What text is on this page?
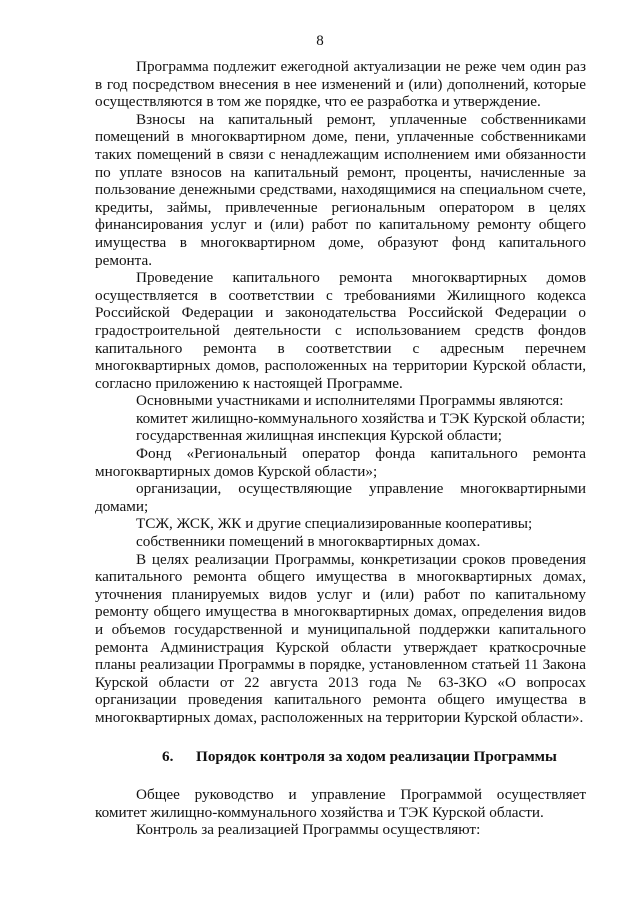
8

Программа подлежит ежегодной актуализации не реже чем один раз в год посредством внесения в нее изменений и (или) дополнений, которые осуществляются в том же порядке, что ее разработка и утверждение.

Взносы на капитальный ремонт, уплаченные собственниками помещений в многоквартирном доме, пени, уплаченные собственниками таких помещений в связи с ненадлежащим исполнением ими обязанности по уплате взносов на капитальный ремонт, проценты, начисленные за пользование денежными средствами, находящимися на специальном счете, кредиты, займы, привлеченные региональным оператором в целях финансирования услуг и (или) работ по капитальному ремонту общего имущества в многоквартирном доме, образуют фонд капитального ремонта.

Проведение капитального ремонта многоквартирных домов осуществляется в соответствии с требованиями Жилищного кодекса Российской Федерации и законодательства Российской Федерации о градостроительной деятельности с использованием средств фондов капитального ремонта в соответствии с адресным перечнем многоквартирных домов, расположенных на территории Курской области, согласно приложению к настоящей Программе.

Основными участниками и исполнителями Программы являются:

комитет жилищно-коммунального хозяйства и ТЭК Курской области;

государственная жилищная инспекция Курской области;

Фонд «Региональный оператор фонда капитального ремонта многоквартирных домов Курской области»;

организации, осуществляющие управление многоквартирными домами;

ТСЖ, ЖСК, ЖК и другие специализированные кооперативы;

собственники помещений в многоквартирных домах.

В целях реализации Программы, конкретизации сроков проведения капитального ремонта общего имущества в многоквартирных домах, уточнения планируемых видов услуг и (или) работ по капитальному ремонту общего имущества в многоквартирных домах, определения видов и объемов государственной и муниципальной поддержки капитального ремонта Администрация Курской области утверждает краткосрочные планы реализации Программы в порядке, установленном статьей 11 Закона Курской области от 22 августа 2013 года № 63-ЗКО «О вопросах организации проведения капитального ремонта общего имущества в многоквартирных домах, расположенных на территории Курской области».

6. Порядок контроля за ходом реализации Программы

Общее руководство и управление Программой осуществляет комитет жилищно-коммунального хозяйства и ТЭК Курской области.

Контроль за реализацией Программы осуществляют:
